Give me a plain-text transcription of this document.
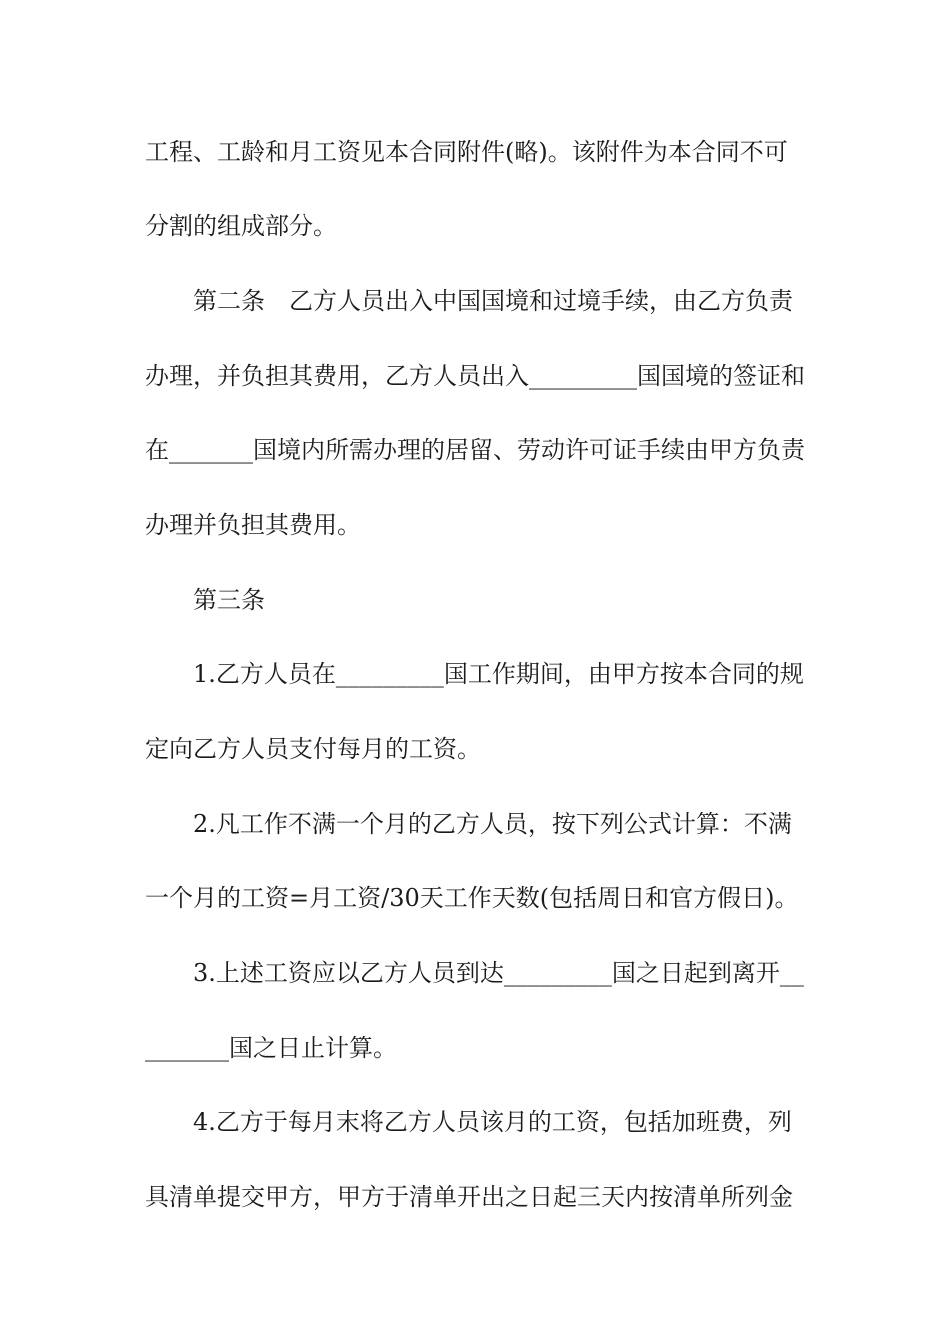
工程、工龄和月工资见本合同附件(略)。该附件为本合同不可
分割的组成部分。
第二条　乙方人员出入中国国境和过境手续，由乙方负责
办理，并负担其费用，乙方人员出入_________国国境的签证和
在_______国境内所需办理的居留、劳动许可证手续由甲方负责
办理并负担其费用。
第三条
1.乙方人员在_________国工作期间，由甲方按本合同的规
定向乙方人员支付每月的工资。
2.凡工作不满一个月的乙方人员，按下列公式计算：不满
一个月的工资=月工资/30天工作天数(包括周日和官方假日)。
3.上述工资应以乙方人员到达_________国之日起到离开__
_______国之日止计算。
4.乙方于每月末将乙方人员该月的工资，包括加班费，列
具清单提交甲方，甲方于清单开出之日起三天内按清单所列金
